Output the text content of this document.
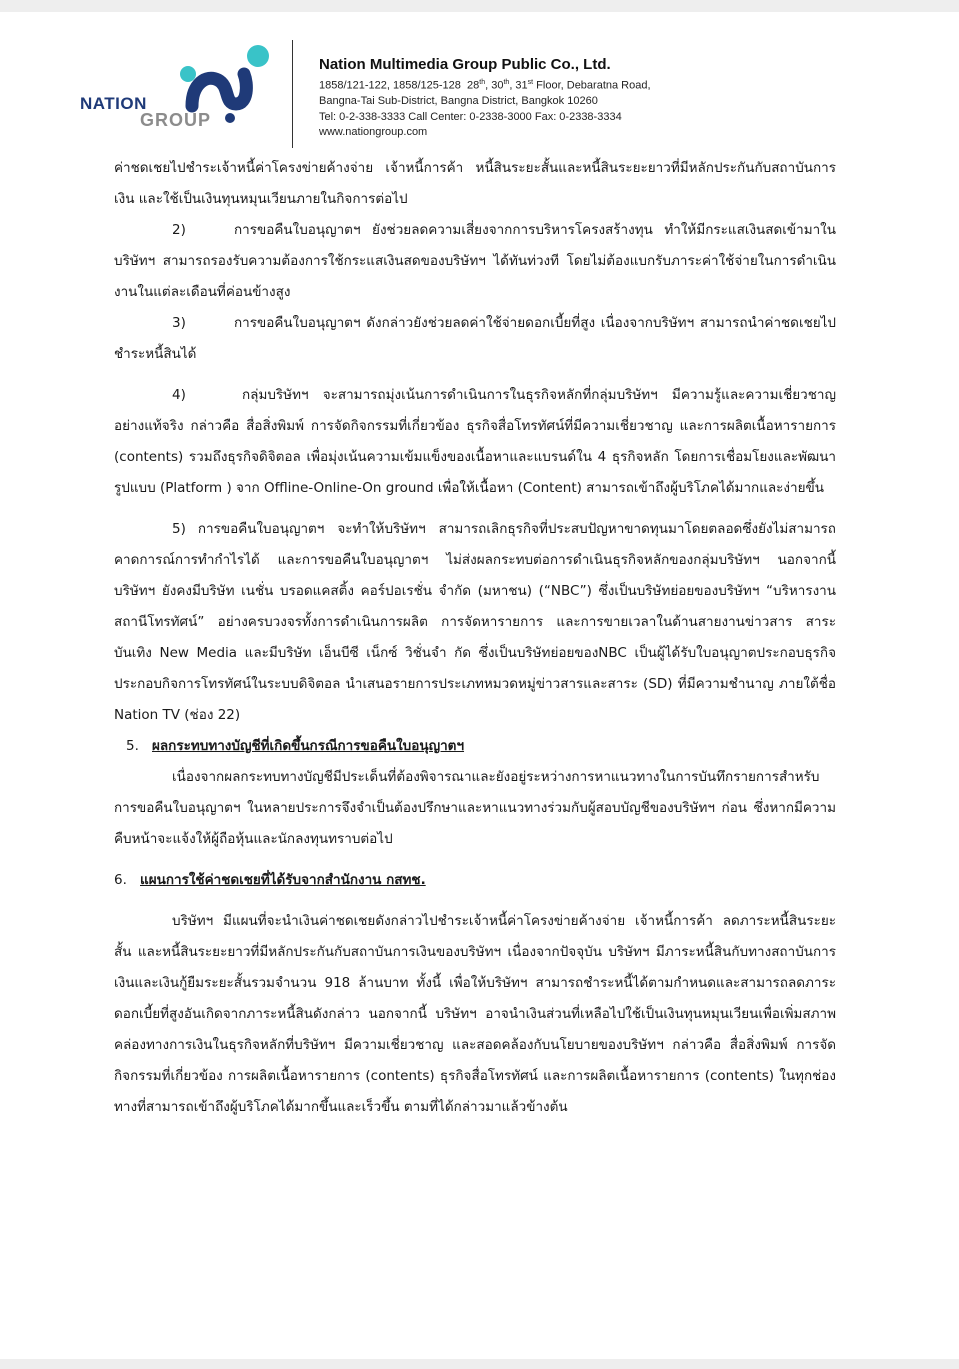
NATION
GROUP
Nation Multimedia Group Public Co., Ltd.
1858/121-122, 1858/125-128  28th, 30th, 31st Floor, Debaratna Road,
Bangna-Tai Sub-District, Bangna District, Bangkok 10260
Tel: 0-2-338-3333 Call Center: 0-2338-3000 Fax: 0-2338-3334
www.nationgroup.com

ค่าชดเชยไปชำระเจ้าหนี้ค่าโครงข่ายค้างจ่าย เจ้าหนี้การค้า หนี้สินระยะสั้นและหนี้สินระยะยาวที่มีหลักประกันกับสถาบันการเงิน และใช้เป็นเงินทุนหมุนเวียนภายในกิจการต่อไป

2)	การขอคืนใบอนุญาตฯ ยังช่วยลดความเสี่ยงจากการบริหารโครงสร้างทุน ทำให้มีกระแสเงินสดเข้ามาในบริษัทฯ สามารถรองรับความต้องการใช้กระแสเงินสดของบริษัทฯ ได้ทันท่วงที โดยไม่ต้องแบกรับภาระค่าใช้จ่ายในการดำเนินงานในแต่ละเดือนที่ค่อนข้างสูง

3)	การขอคืนใบอนุญาตฯ ดังกล่าวยังช่วยลดค่าใช้จ่ายดอกเบี้ยที่สูง เนื่องจากบริษัทฯ สามารถนำค่าชดเชยไปชำระหนี้สินได้

4)	กลุ่มบริษัทฯ จะสามารถมุ่งเน้นการดำเนินการในธุรกิจหลักที่กลุ่มบริษัทฯ มีความรู้และความเชี่ยวชาญอย่างแท้จริง กล่าวคือ สื่อสิ่งพิมพ์ การจัดกิจกรรมที่เกี่ยวข้อง ธุรกิจสื่อโทรทัศน์ที่มีความเชี่ยวชาญ และการผลิตเนื้อหารายการ (contents) รวมถึงธุรกิจดิจิตอล เพื่อมุ่งเน้นความเข้มแข็งของเนื้อหาและแบรนด์ใน 4 ธุรกิจหลัก โดยการเชื่อมโยงและพัฒนารูปแบบ (Platform ) จาก Offline-Online-On ground เพื่อให้เนื้อหา (Content) สามารถเข้าถึงผู้บริโภคได้มากและง่ายขึ้น

5) การขอคืนใบอนุญาตฯ จะทำให้บริษัทฯ สามารถเลิกธุรกิจที่ประสบปัญหาขาดทุนมาโดยตลอดซึ่งยังไม่สามารถคาดการณ์การทำกำไรได้ และการขอคืนใบอนุญาตฯ ไม่ส่งผลกระทบต่อการดำเนินธุรกิจหลักของกลุ่มบริษัทฯ นอกจากนี้ บริษัทฯ ยังคงมีบริษัท เนชั่น บรอดแคสติ้ง คอร์ปอเรชั่น จำกัด (มหาชน) (“NBC”) ซึ่งเป็นบริษัทย่อยของบริษัทฯ “บริหารงานสถานีโทรทัศน์” อย่างครบวงจรทั้งการดำเนินการผลิต การจัดหารายการ และการขายเวลาในด้านสายงานข่าวสาร สาระบันเทิง New Media และมีบริษัท เอ็นบีซี เน็กซ์ วิชั่นจำ กัด ซึ่งเป็นบริษัทย่อยของNBC เป็นผู้ได้รับใบอนุญาตประกอบธุรกิจประกอบกิจการโทรทัศน์ในระบบดิจิตอล นำเสนอรายการประเภทหมวดหมู่ข่าวสารและสาระ (SD) ที่มีความชำนาญ ภายใต้ชื่อ Nation TV (ช่อง 22)

5. ผลกระทบทางบัญชีที่เกิดขึ้นกรณีการขอคืนใบอนุญาตฯ

เนื่องจากผลกระทบทางบัญชีมีประเด็นที่ต้องพิจารณาและยังอยู่ระหว่างการหาแนวทางในการบันทึกรายการสำหรับการขอคืนใบอนุญาตฯ ในหลายประการจึงจำเป็นต้องปรึกษาและหาแนวทางร่วมกับผู้สอบบัญชีของบริษัทฯ ก่อน ซึ่งหากมีความคืบหน้าจะแจ้งให้ผู้ถือหุ้นและนักลงทุนทราบต่อไป

6. แผนการใช้ค่าชดเชยที่ได้รับจากสำนักงาน กสทช.

บริษัทฯ มีแผนที่จะนำเงินค่าชดเชยดังกล่าวไปชำระเจ้าหนี้ค่าโครงข่ายค้างจ่าย เจ้าหนี้การค้า ลดภาระหนี้สินระยะสั้น และหนี้สินระยะยาวที่มีหลักประกันกับสถาบันการเงินของบริษัทฯ เนื่องจากปัจจุบัน บริษัทฯ มีภาระหนี้สินกับทางสถาบันการเงินและเงินกู้ยืมระยะสั้นรวมจำนวน 918 ล้านบาท ทั้งนี้ เพื่อให้บริษัทฯ สามารถชำระหนี้ได้ตามกำหนดและสามารถลดภาระดอกเบี้ยที่สูงอันเกิดจากภาระหนี้สินดังกล่าว นอกจากนี้ บริษัทฯ อาจนำเงินส่วนที่เหลือไปใช้เป็นเงินทุนหมุนเวียนเพื่อเพิ่มสภาพคล่องทางการเงินในธุรกิจหลักที่บริษัทฯ มีความเชี่ยวชาญ และสอดคล้องกับนโยบายของบริษัทฯ กล่าวคือ สื่อสิ่งพิมพ์ การจัดกิจกรรมที่เกี่ยวข้อง การผลิตเนื้อหารายการ (contents) ธุรกิจสื่อโทรทัศน์ และการผลิตเนื้อหารายการ (contents) ในทุกช่องทางที่สามารถเข้าถึงผู้บริโภคได้มากขึ้นและเร็วขึ้น ตามที่ได้กล่าวมาแล้วข้างต้น
